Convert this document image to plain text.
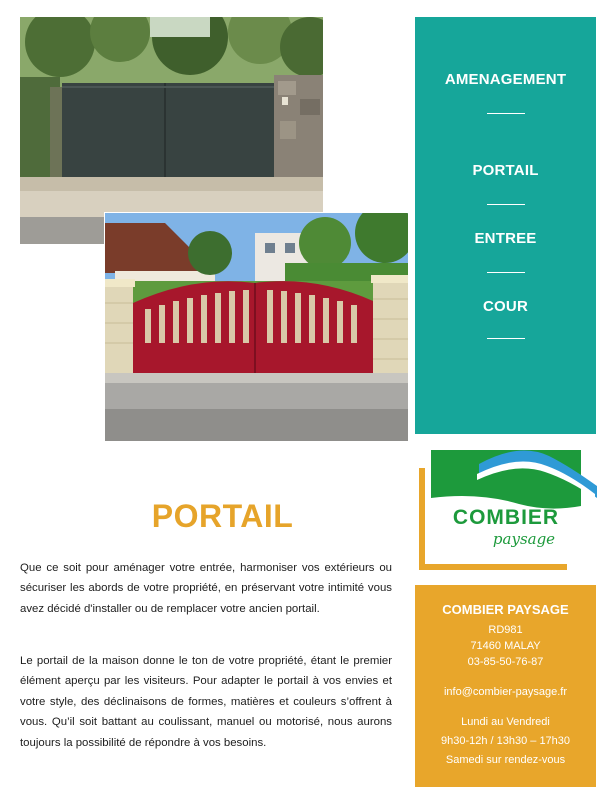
AMENAGEMENT
PORTAIL
ENTREE
COUR
COMBIER
paysage
PORTAIL
Que ce soit pour aménager votre entrée, harmoniser vos extérieurs ou sécuriser les abords de votre propriété, en préservant votre intimité vous avez décidé d'installer ou de remplacer votre ancien portail.
Le portail de la maison donne le ton de votre propriété, étant le premier élément aperçu par les visiteurs. Pour adapter le portail à vos envies et votre style, des déclinaisons de formes, matières et couleurs s’offrent à vous. Qu’il soit battant au coulissant, manuel ou motorisé, nous aurons toujours la possibilité de répondre à vos besoins.
COMBIER PAYSAGE
RD981
71460 MALAY
03-85-50-76-87
info@combier-paysage.fr
Lundi au Vendredi
9h30-12h / 13h30 – 17h30
Samedi sur rendez-vous
